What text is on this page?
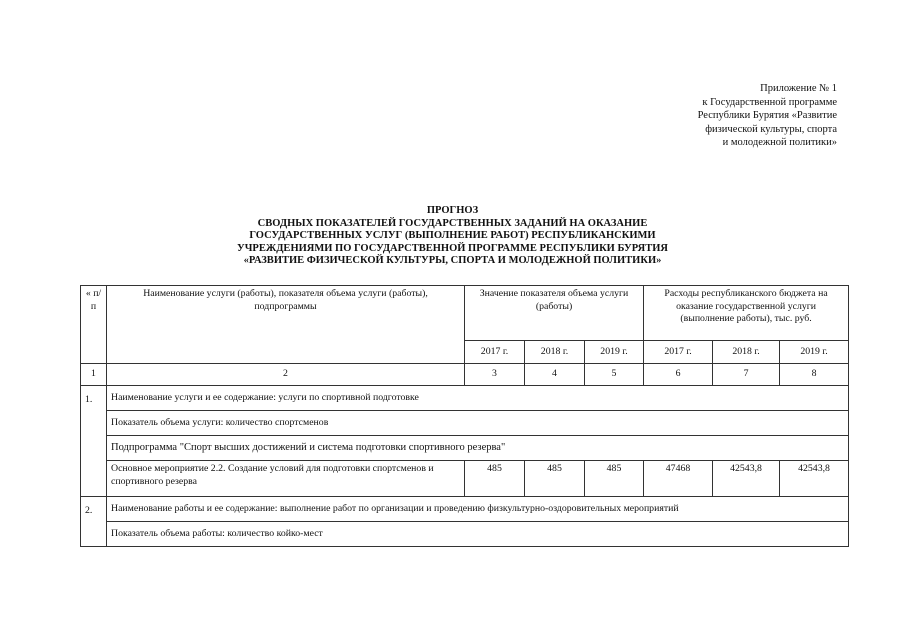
Приложение № 1
к Государственной программе
Республики Бурятия «Развитие
физической культуры, спорта
и молодежной политики»
ПРОГНОЗ
СВОДНЫХ ПОКАЗАТЕЛЕЙ ГОСУДАРСТВЕННЫХ ЗАДАНИЙ НА ОКАЗАНИЕ
ГОСУДАРСТВЕННЫХ УСЛУГ (ВЫПОЛНЕНИЕ РАБОТ) РЕСПУБЛИКАНСКИМИ
УЧРЕЖДЕНИЯМИ ПО ГОСУДАРСТВЕННОЙ ПРОГРАММЕ РЕСПУБЛИКИ БУРЯТИЯ
«РАЗВИТИЕ ФИЗИЧЕСКОЙ КУЛЬТУРЫ, СПОРТА И МОЛОДЕЖНОЙ ПОЛИТИКИ»
« п/п	Наименование услуги (работы), показателя объема услуги (работы), подпрограммы	Значение показателя объема услуги (работы)			Расходы республиканского бюджета на оказание государственной услуги (выполнение работы), тыс. руб.		
		2017 г.	2018 г.	2019 г.	2017 г.	2018 г.	2019 г.
1	2	3	4	5	6	7	8
1.	Наименование услуги и ее содержание: услуги по спортивной подготовке						
	Показатель объема услуги: количество спортсменов						
	Подпрограмма "Спорт высших достижений и система подготовки спортивного резерва"						
	Основное мероприятие 2.2. Создание условий для подготовки спортсменов и спортивного резерва	485	485	485	47468	42543,8	42543,8
2.	Наименование работы и ее содержание: выполнение работ по организации и проведению физкультурно-оздоровительных мероприятий						
	Показатель объема работы: количество койко-мест						
